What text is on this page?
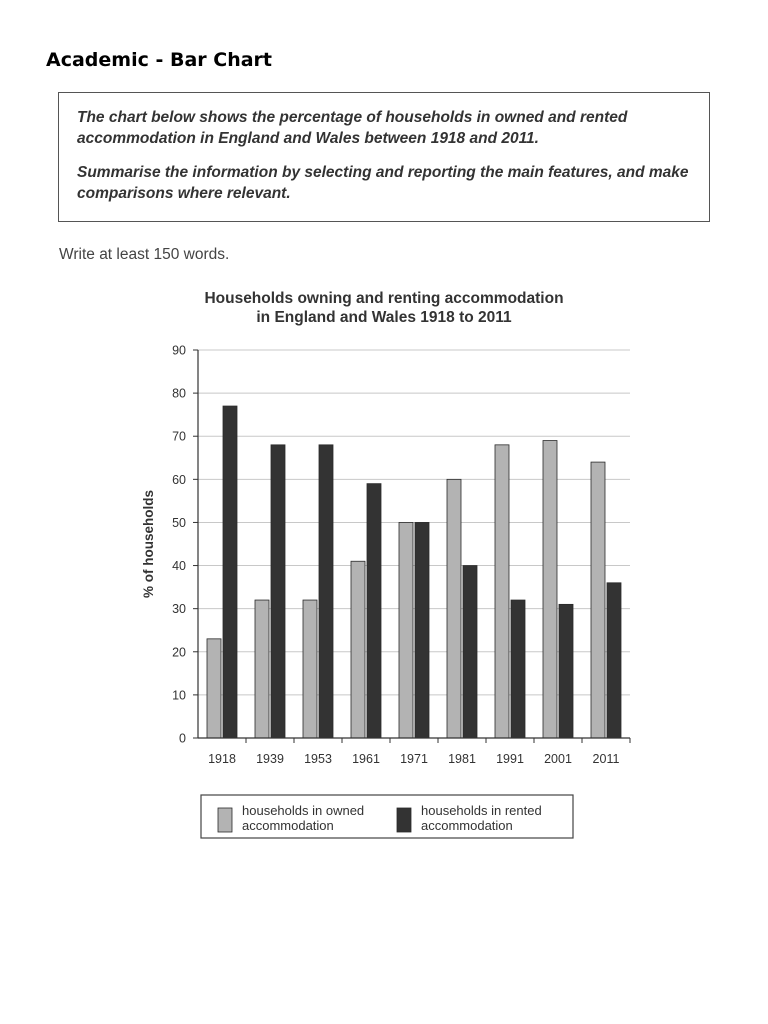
Academic - Bar Chart

The chart below shows the percentage of households in owned and rented accommodation in England and Wales between 1918 and 2011.

Summarise the information by selecting and reporting the main features, and make comparisons where relevant.

Write at least 150 words.

Households owning and renting accommodation
in England and Wales 1918 to 2011
0
10
20
30
40
50
60
70
80
90
% of households
1918 1939 1953 1961 1971 1981 1991 2001 2011
households in owned
accommodation
households in rented
accommodation
